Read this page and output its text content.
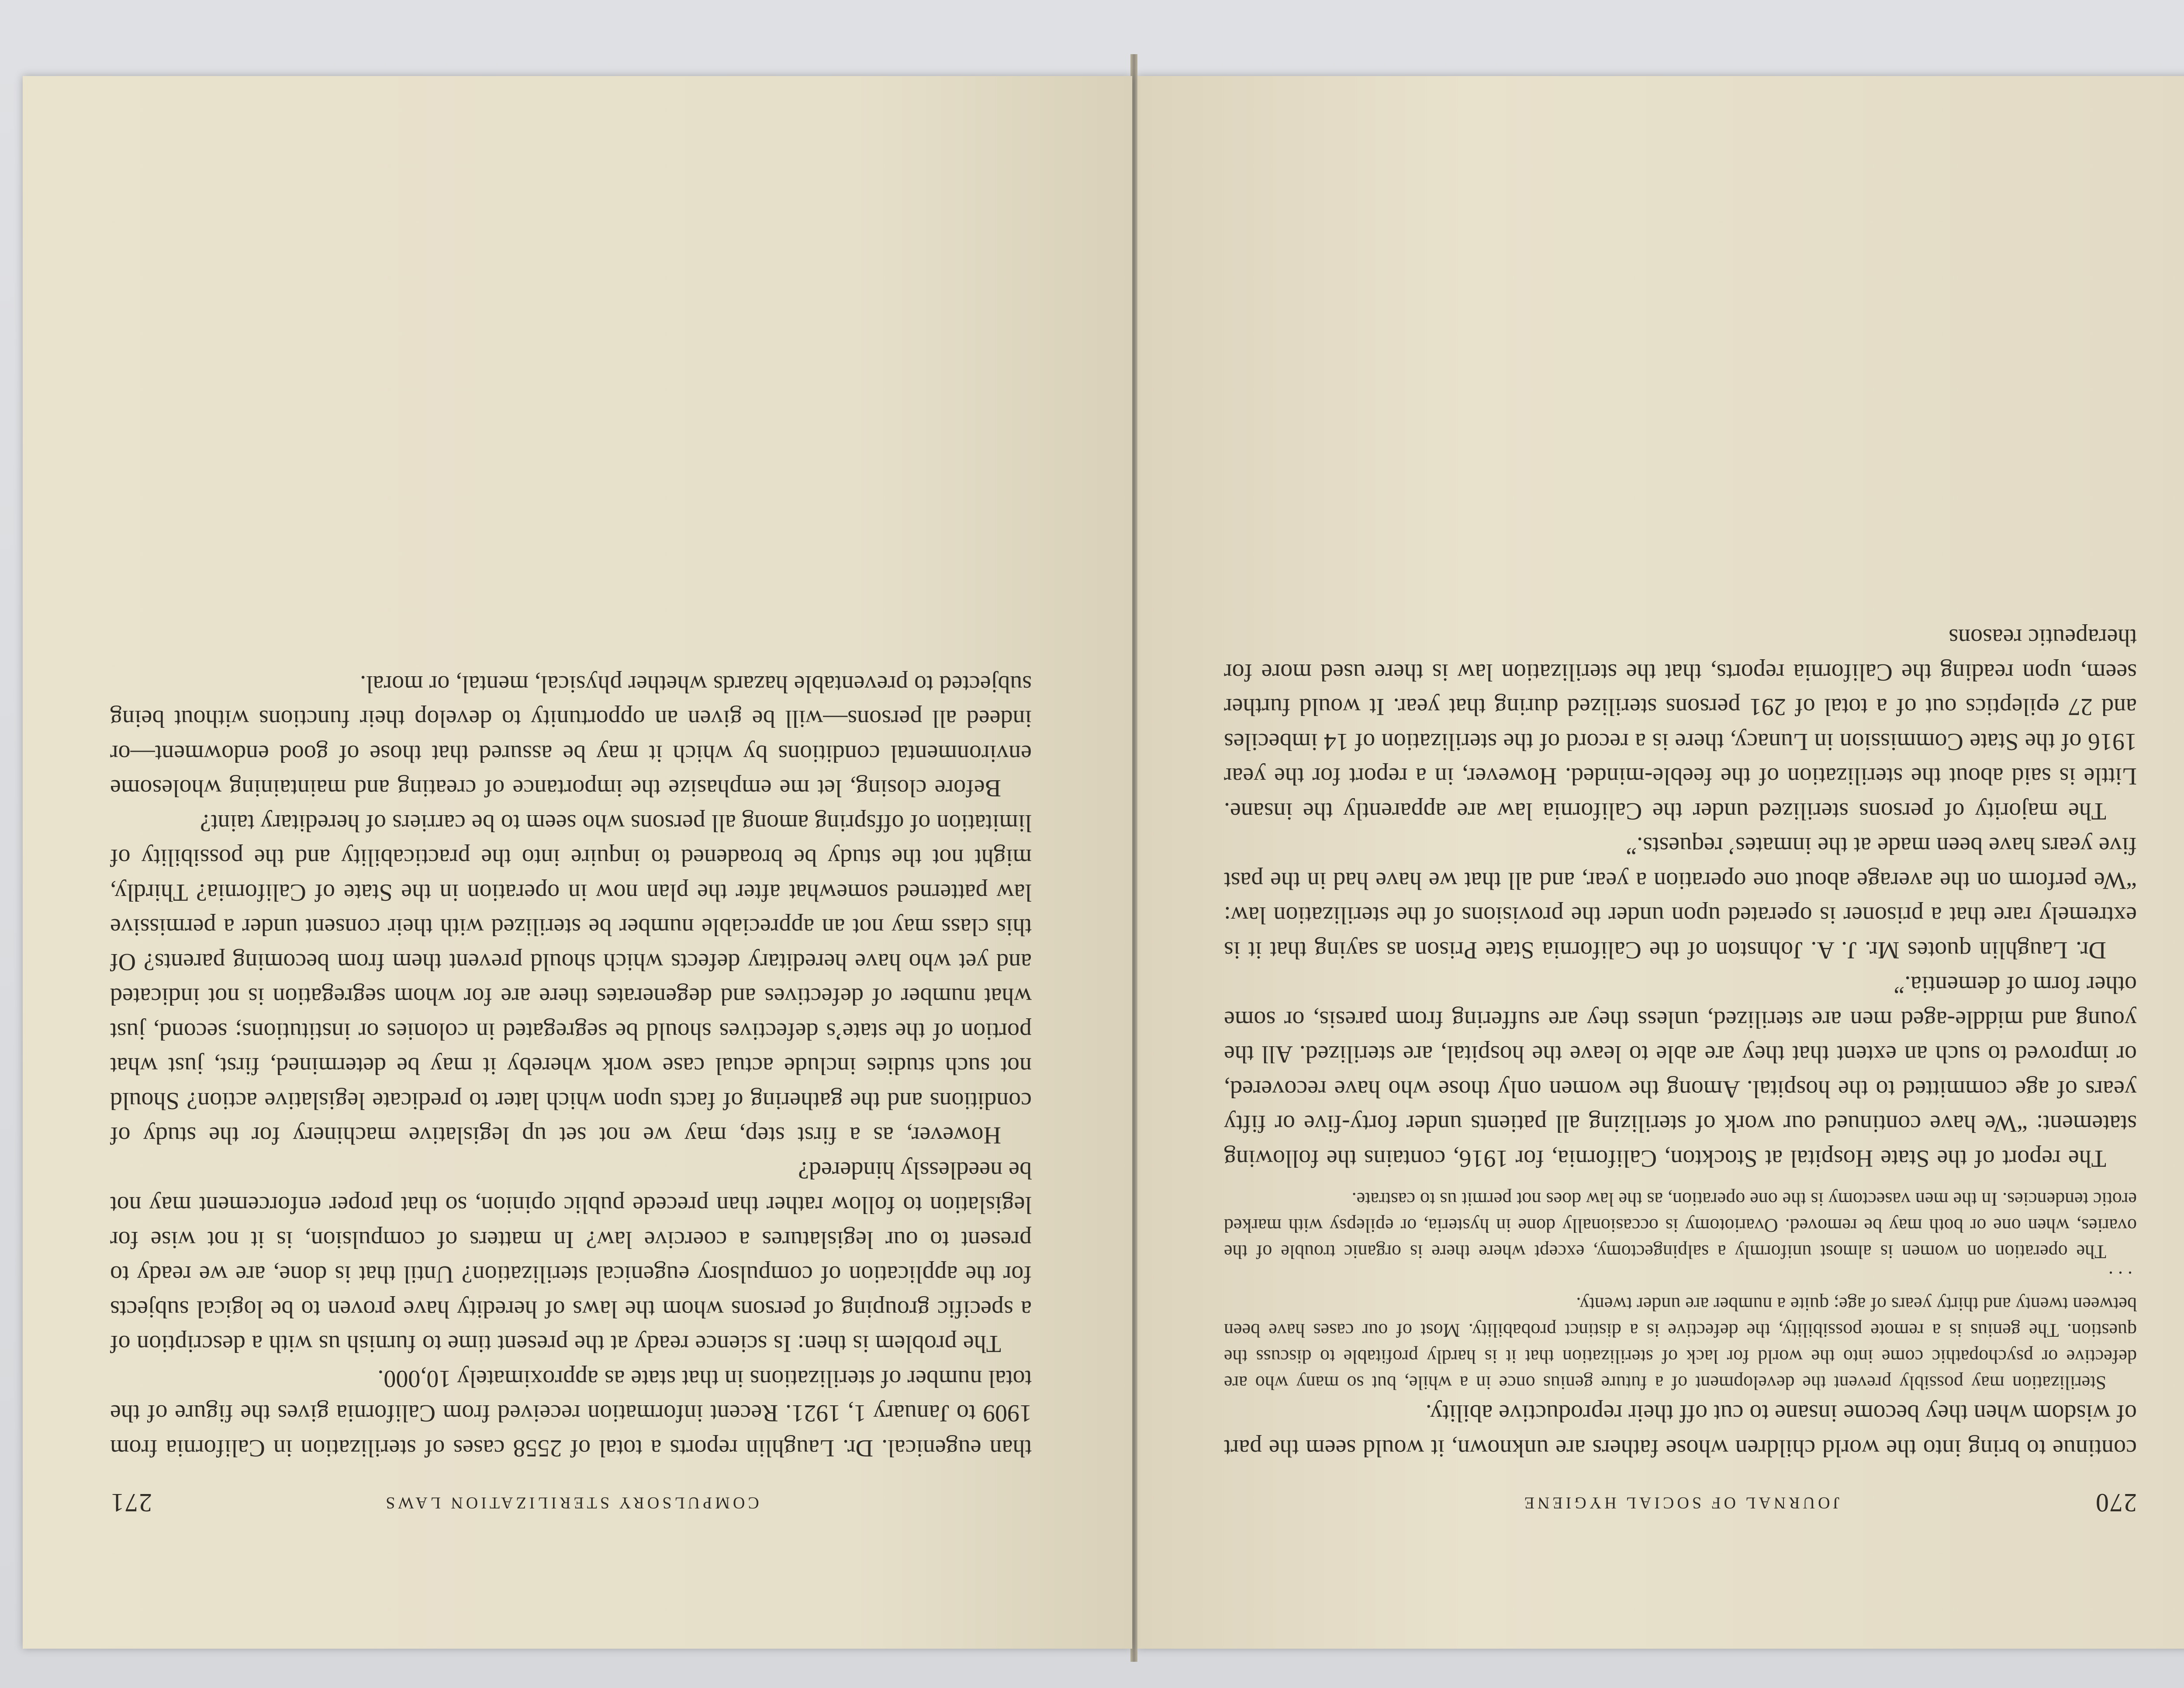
270
JOURNAL OF SOCIAL HYGIENE

continue to bring into the world children whose fathers are unknown, it would seem the part of wisdom when they become insane to cut off their reproductive ability.

Sterilization may possibly prevent the development of a future genius once in a while, but so many who are defective or psychopathic come into the world for lack of sterilization that it is hardly profitable to discuss the question. The genius is a remote possibility, the defective is a distinct probability. Most of our cases have been between twenty and thirty years of age; quite a number are under twenty.

. . .

The operation on women is almost uniformly a salpingectomy, except where there is organic trouble of the ovaries, when one or both may be removed. Ovariotomy is occasionally done in hysteria, or epilepsy with marked erotic tendencies. In the men vasectomy is the one operation, as the law does not permit us to castrate.

The report of the State Hospital at Stockton, California, for 1916, contains the following statement: “We have continued our work of sterilizing all patients under forty-five or fifty years of age committed to the hospital. Among the women only those who have recovered, or improved to such an extent that they are able to leave the hospital, are sterilized. All the young and middle-aged men are sterilized, unless they are suffering from paresis, or some other form of dementia.”

Dr. Laughlin quotes Mr. J. A. Johnston of the California State Prison as saying that it is extremely rare that a prisoner is operated upon under the provisions of the sterilization law: “We perform on the average about one operation a year, and all that we have had in the past five years have been made at the inmates’ requests.”

The majority of persons sterilized under the California law are apparently the insane. Little is said about the sterilization of the feeble-minded. However, in a report for the year 1916 of the State Commission in Lunacy, there is a record of the sterilization of 14 imbeciles and 27 epileptics out of a total of 291 persons sterilized during that year. It would further seem, upon reading the California reports, that the sterilization law is there used more for therapeutic reasons

COMPULSORY STERILIZATION LAWS
271

than eugenical. Dr. Laughlin reports a total of 2558 cases of sterilization in California from 1909 to January 1, 1921. Recent information received from California gives the figure of the total number of sterilizations in that state as approximately 10,000.

The problem is then: Is science ready at the present time to furnish us with a description of a specific grouping of persons whom the laws of heredity have proven to be logical subjects for the application of compulsory eugenical sterilization? Until that is done, are we ready to present to our legislatures a coercive law? In matters of compulsion, is it not wise for legislation to follow rather than precede public opinion, so that proper enforcement may not be needlessly hindered?

However, as a first step, may we not set up legislative machinery for the study of conditions and the gathering of facts upon which later to predicate legislative action? Should not such studies include actual case work whereby it may be determined, first, just what portion of the state’s defectives should be segregated in colonies or institutions; second, just what number of defectives and degenerates there are for whom segregation is not indicated and yet who have hereditary defects which should prevent them from becoming parents? Of this class may not an appreciable number be sterilized with their consent under a permissive law patterned somewhat after the plan now in operation in the State of California? Thirdly, might not the study be broadened to inquire into the practicability and the possibility of limitation of offspring among all persons who seem to be carriers of hereditary taint?

Before closing, let me emphasize the importance of creating and maintaining wholesome environmental conditions by which it may be assured that those of good endowment—or indeed all persons—will be given an opportunity to develop their functions without being subjected to preventable hazards whether physical, mental, or moral.
